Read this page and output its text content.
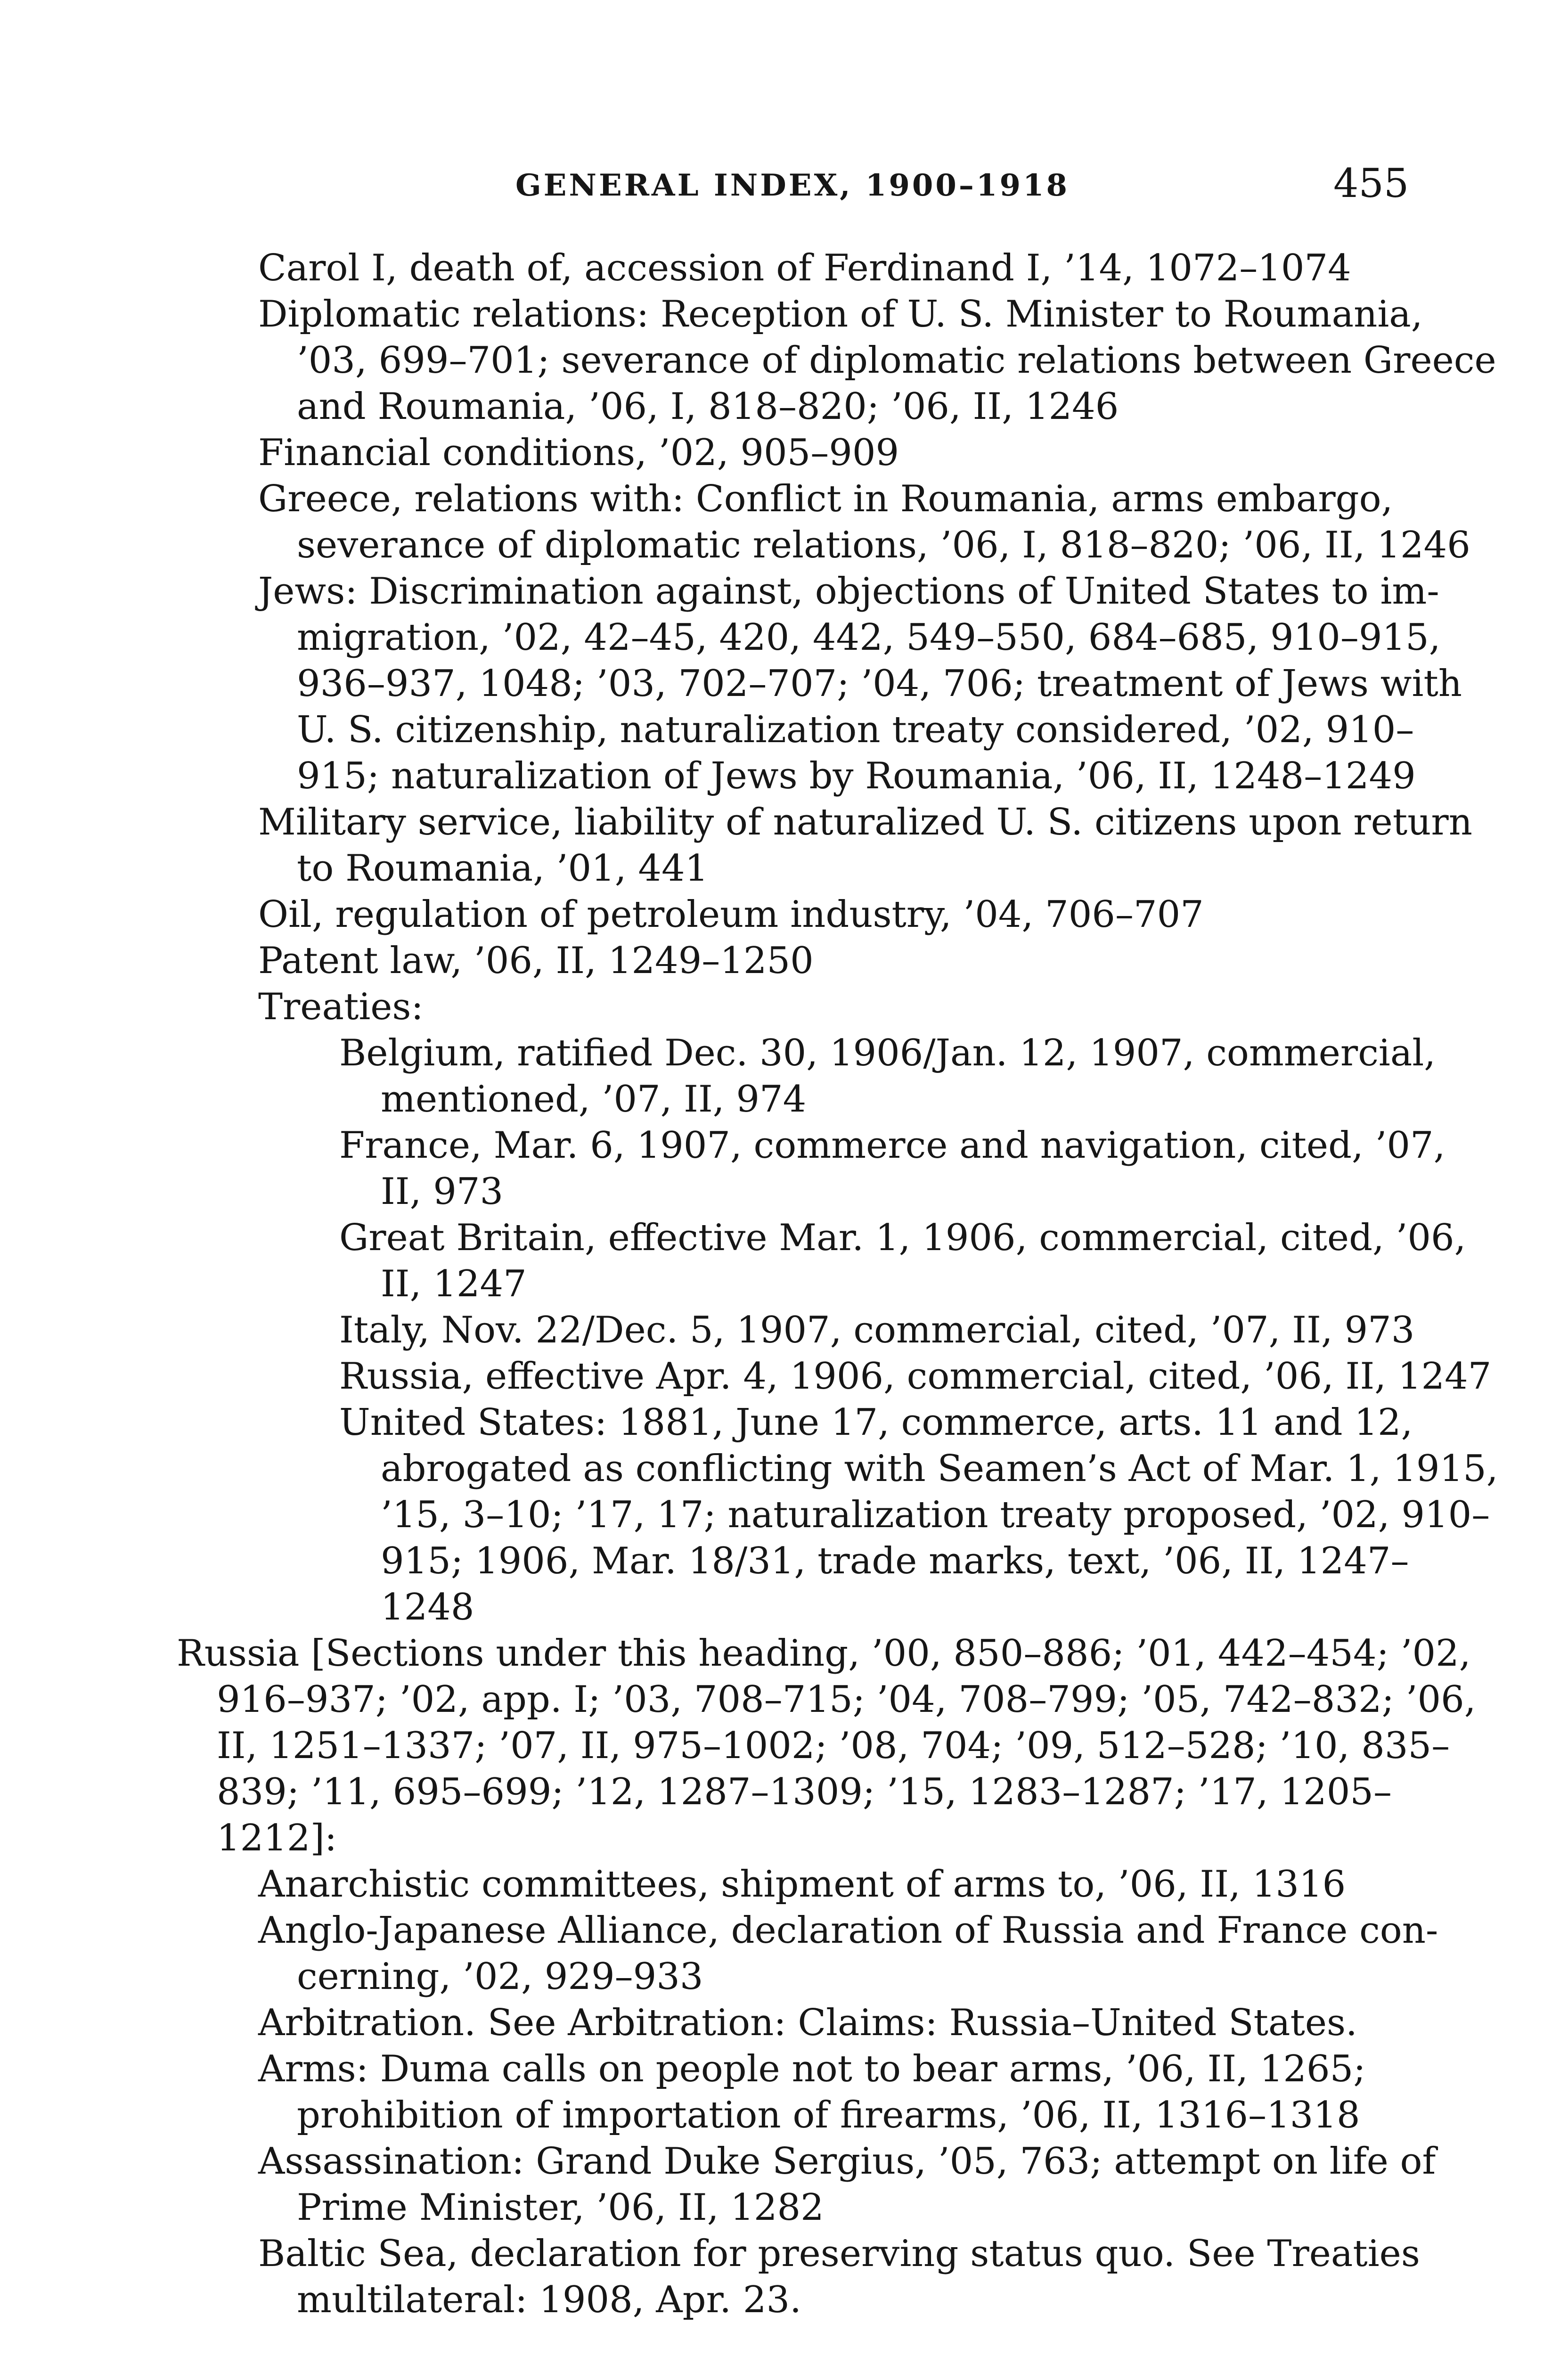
GENERAL INDEX, 1900–1918	455
Carol I, death of, accession of Ferdinand I, ’14, 1072–1074
Diplomatic relations: Reception of U. S. Minister to Roumania,
’03, 699–701; severance of diplomatic relations between Greece
and Roumania, ’06, I, 818–820; ’06, II, 1246
Financial conditions, ’02, 905–909
Greece, relations with: Conflict in Roumania, arms embargo,
severance of diplomatic relations, ’06, I, 818–820; ’06, II, 1246
Jews: Discrimination against, objections of United States to im-
migration, ’02, 42–45, 420, 442, 549–550, 684–685, 910–915,
936–937, 1048; ’03, 702–707; ’04, 706; treatment of Jews with
U. S. citizenship, naturalization treaty considered, ’02, 910–
915; naturalization of Jews by Roumania, ’06, II, 1248–1249
Military service, liability of naturalized U. S. citizens upon return
to Roumania, ’01, 441
Oil, regulation of petroleum industry, ’04, 706–707
Patent law, ’06, II, 1249–1250
Treaties:
Belgium, ratified Dec. 30, 1906/Jan. 12, 1907, commercial,
mentioned, ’07, II, 974
France, Mar. 6, 1907, commerce and navigation, cited, ’07,
II, 973
Great Britain, effective Mar. 1, 1906, commercial, cited, ’06,
II, 1247
Italy, Nov. 22/Dec. 5, 1907, commercial, cited, ’07, II, 973
Russia, effective Apr. 4, 1906, commercial, cited, ’06, II, 1247
United States: 1881, June 17, commerce, arts. 11 and 12,
abrogated as conflicting with Seamen’s Act of Mar. 1, 1915,
’15, 3–10; ’17, 17; naturalization treaty proposed, ’02, 910–
915; 1906, Mar. 18/31, trade marks, text, ’06, II, 1247–
1248
Russia [Sections under this heading, ’00, 850–886; ’01, 442–454; ’02,
916–937; ’02, app. I; ’03, 708–715; ’04, 708–799; ’05, 742–832; ’06,
II, 1251–1337; ’07, II, 975–1002; ’08, 704; ’09, 512–528; ’10, 835–
839; ’11, 695–699; ’12, 1287–1309; ’15, 1283–1287; ’17, 1205–
1212]:
Anarchistic committees, shipment of arms to, ’06, II, 1316
Anglo-Japanese Alliance, declaration of Russia and France con-
cerning, ’02, 929–933
Arbitration. See Arbitration: Claims: Russia–United States.
Arms: Duma calls on people not to bear arms, ’06, II, 1265;
prohibition of importation of firearms, ’06, II, 1316–1318
Assassination: Grand Duke Sergius, ’05, 763; attempt on life of
Prime Minister, ’06, II, 1282
Baltic Sea, declaration for preserving status quo. See Treaties
multilateral: 1908, Apr. 23.
